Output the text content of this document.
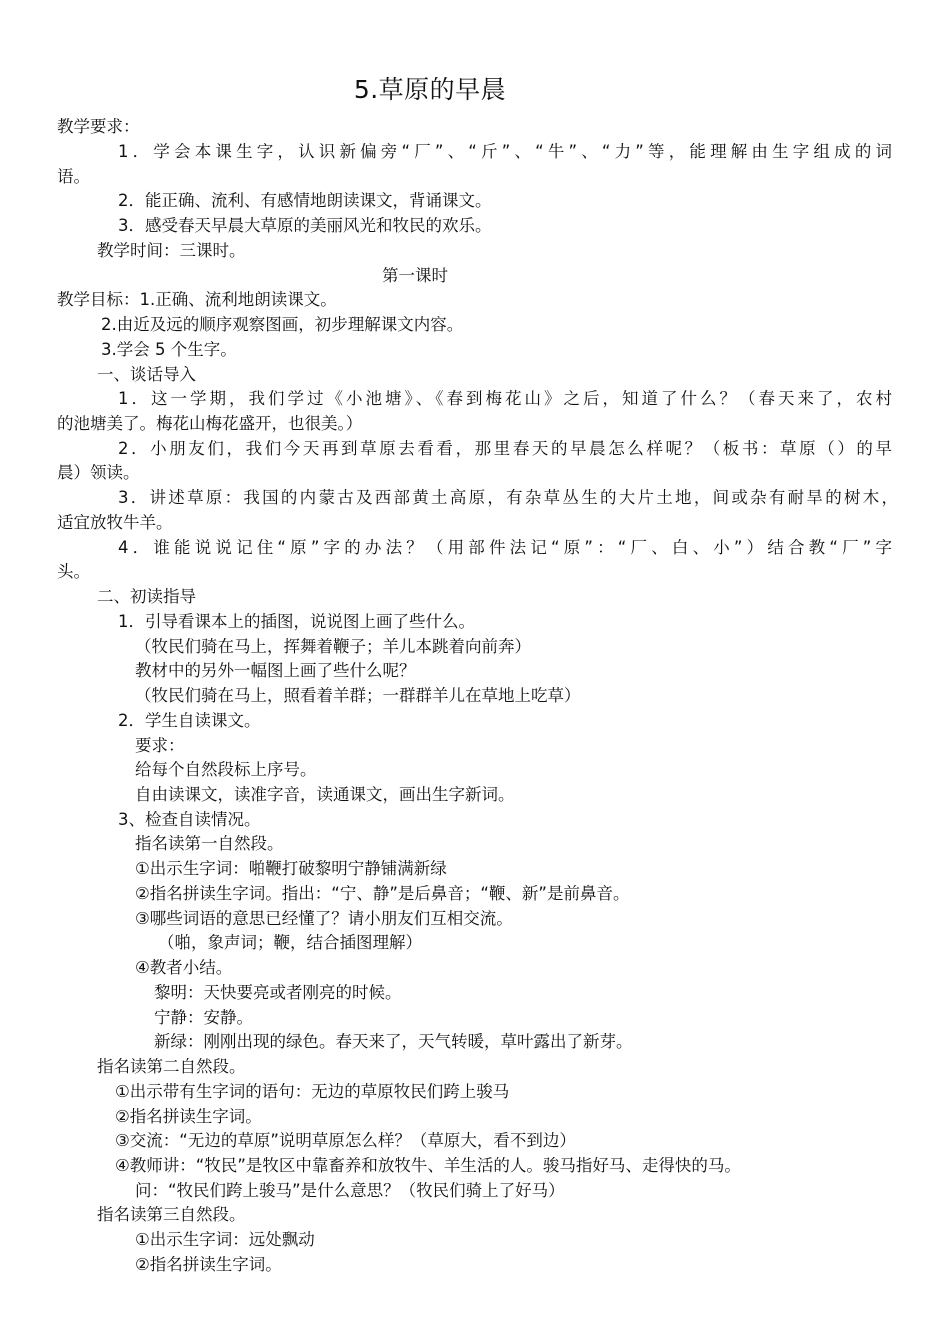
5.草原的早晨
教学要求：
1．学会本课生字，认识新偏旁“厂”、“斤”、“牛”、“力”等，能理解由生字组成的词
语。
2．能正确、流利、有感情地朗读课文，背诵课文。
3．感受春天早晨大草原的美丽风光和牧民的欢乐。
教学时间：三课时。
第一课时
教学目标：1.正确、流利地朗读课文。
2.由近及远的顺序观察图画，初步理解课文内容。
3.学会 5 个生字。
一、谈话导入
1．这一学期，我们学过《小池塘》、《春到梅花山》之后，知道了什么？（春天来了，农村
的池塘美了。梅花山梅花盛开，也很美。）
2．小朋友们，我们今天再到草原去看看，那里春天的早晨怎么样呢？（板书：草原（）的早
晨）领读。
3．讲述草原：我国的内蒙古及西部黄土高原，有杂草丛生的大片土地，间或杂有耐旱的树木，
适宜放牧牛羊。
4．谁能说说记住“原”字的办法？（用部件法记“原”：“厂、白、小”）结合教“厂”字
头。
二、初读指导
1．引导看课本上的插图，说说图上画了些什么。
（牧民们骑在马上，挥舞着鞭子；羊儿本跳着向前奔）
教材中的另外一幅图上画了些什么呢？
（牧民们骑在马上，照看着羊群；一群群羊儿在草地上吃草）
2．学生自读课文。
要求：
给每个自然段标上序号。
自由读课文，读准字音，读通课文，画出生字新词。
3、检查自读情况。
指名读第一自然段。
①出示生字词：啪鞭打破黎明宁静铺满新绿
②指名拼读生字词。指出：“宁、静”是后鼻音；“鞭、新”是前鼻音。
③哪些词语的意思已经懂了？请小朋友们互相交流。
（啪，象声词；鞭，结合插图理解）
④教者小结。
黎明：天快要亮或者刚亮的时候。
宁静：安静。
新绿：刚刚出现的绿色。春天来了，天气转暖，草叶露出了新芽。
指名读第二自然段。
①出示带有生字词的语句：无边的草原牧民们跨上骏马
②指名拼读生字词。
③交流：“无边的草原”说明草原怎么样？（草原大，看不到边）
④教师讲：“牧民”是牧区中靠畜养和放牧牛、羊生活的人。骏马指好马、走得快的马。
问：“牧民们跨上骏马”是什么意思？（牧民们骑上了好马）
指名读第三自然段。
①出示生字词：远处飘动
②指名拼读生字词。
